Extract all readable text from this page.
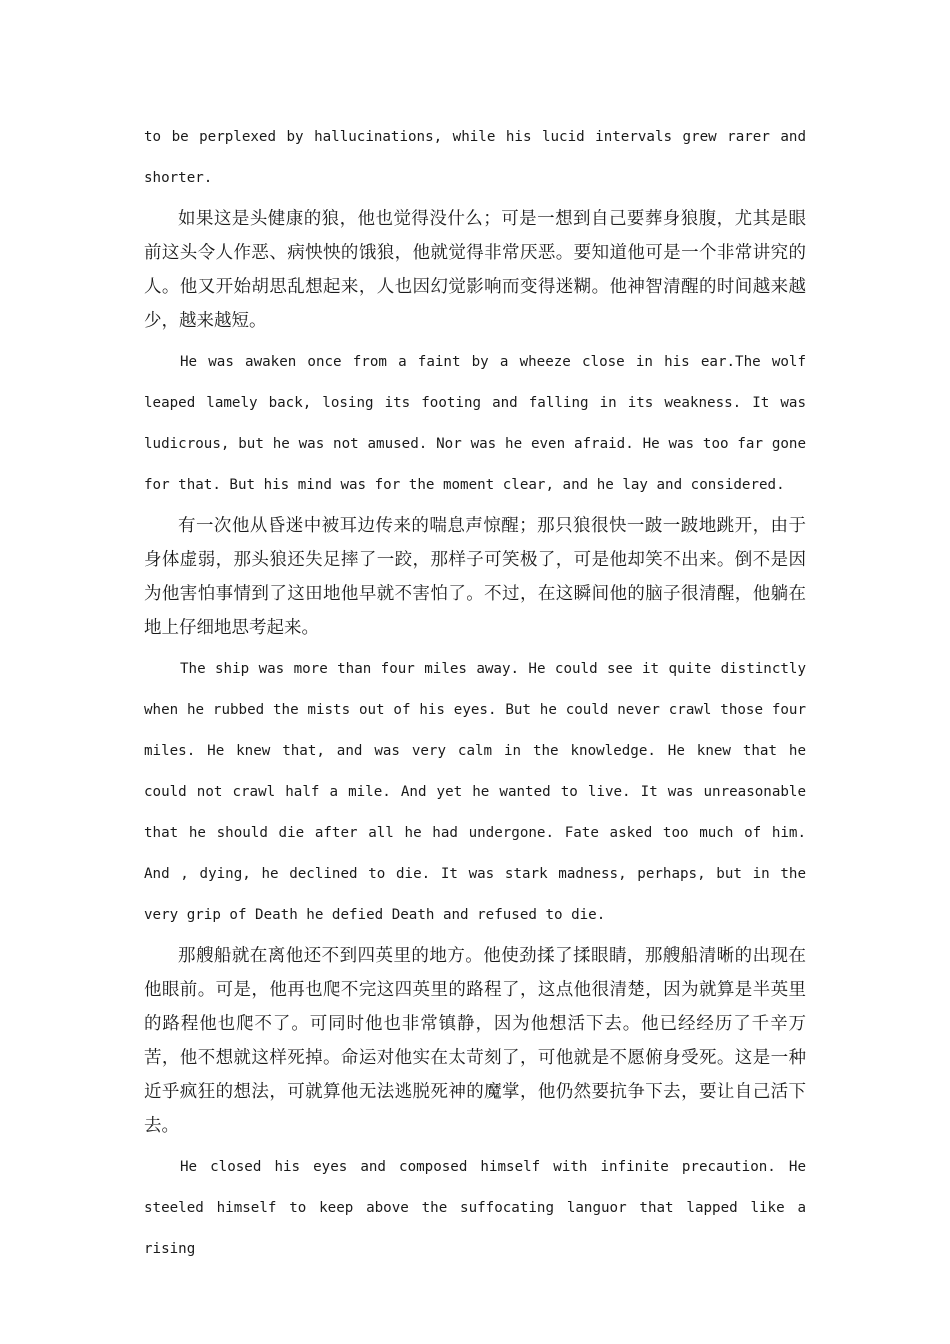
to be perplexed by hallucinations, while his lucid intervals grew rarer and shorter.

如果这是头健康的狼，他也觉得没什么；可是一想到自己要葬身狼腹，尤其是眼前这头令人作恶、病怏怏的饿狼，他就觉得非常厌恶。要知道他可是一个非常讲究的人。他又开始胡思乱想起来，人也因幻觉影响而变得迷糊。他神智清醒的时间越来越少，越来越短。

He was awaken once from a faint by a wheeze close in his ear.The wolf leaped lamely back, losing its footing and falling in its weakness. It was ludicrous, but he was not amused. Nor was he even afraid. He was too far gone for that. But his mind was for the moment clear, and he lay and considered.

有一次他从昏迷中被耳边传来的喘息声惊醒；那只狼很快一跛一跛地跳开，由于身体虚弱，那头狼还失足摔了一跤，那样子可笑极了，可是他却笑不出来。倒不是因为他害怕事情到了这田地他早就不害怕了。不过，在这瞬间他的脑子很清醒，他躺在地上仔细地思考起来。

The ship was more than four miles away. He could see it quite distinctly when he rubbed the mists out of his eyes. But he could never crawl those four miles. He knew that, and was very calm in the knowledge. He knew that he could not crawl half a mile. And yet he wanted to live. It was unreasonable that he should die after all he had undergone. Fate asked too much of him. And , dying, he declined to die. It was stark madness, perhaps, but in the very grip of Death he defied Death and refused to die.

那艘船就在离他还不到四英里的地方。他使劲揉了揉眼睛，那艘船清晰的出现在他眼前。可是，他再也爬不完这四英里的路程了，这点他很清楚，因为就算是半英里的路程他也爬不了。可同时他也非常镇静，因为他想活下去。他已经经历了千辛万苦，他不想就这样死掉。命运对他实在太苛刻了，可他就是不愿俯身受死。这是一种近乎疯狂的想法，可就算他无法逃脱死神的魔掌，他仍然要抗争下去，要让自己活下去。

He closed his eyes and composed himself with infinite precaution. He steeled himself to keep above the suffocating languor that lapped like a rising
